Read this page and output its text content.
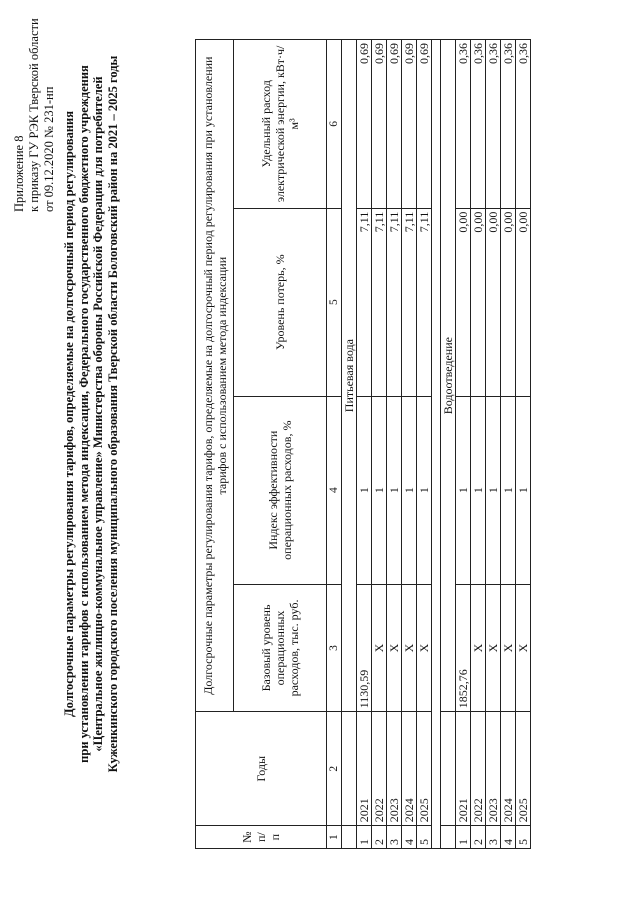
Приложение 8 к приказу ГУ РЭК Тверской области от 09.12.2020 № 231-нп Долгосрочные параметры регулирования тарифов, определяемые на долгосрочный период регулирования при установлении тарифов с использованием метода индексации, Федерального государственного бюджетного учреждения «Центральное жилищно-коммунальное управление» Министерства обороны Российской Федерации для потребителей Куженкинского городского поселения муниципального образования Тверской области Бологовский район на 2021 – 2025 годы
№ п/п	Годы	Долгосрочные параметры регулирования тарифов, определяемые на долгосрочный период регулирования при установлении тарифов с использованием метода индексации			
		Базовый уровень операционных расходов, тыс. руб.	Индекс эффективности операционных расходов, %	Уровень потерь, %	Удельный расход электрической энергии, кВт·ч/м³
1	2	3	4	5	6
		Питьевая вода			
1	2021	1130,59	1	7,11	0,69
2	2022	X	1	7,11	0,69
3	2023	X	1	7,11	0,69
4	2024	X	1	7,11	0,69
5	2025	X	1	7,11	0,69

		Водоотведение			
1	2021	1852,76	1	0,00	0,36
2	2022	X	1	0,00	0,36
3	2023	X	1	0,00	0,36
4	2024	X	1	0,00	0,36
5	2025	X	1	0,00	0,36
